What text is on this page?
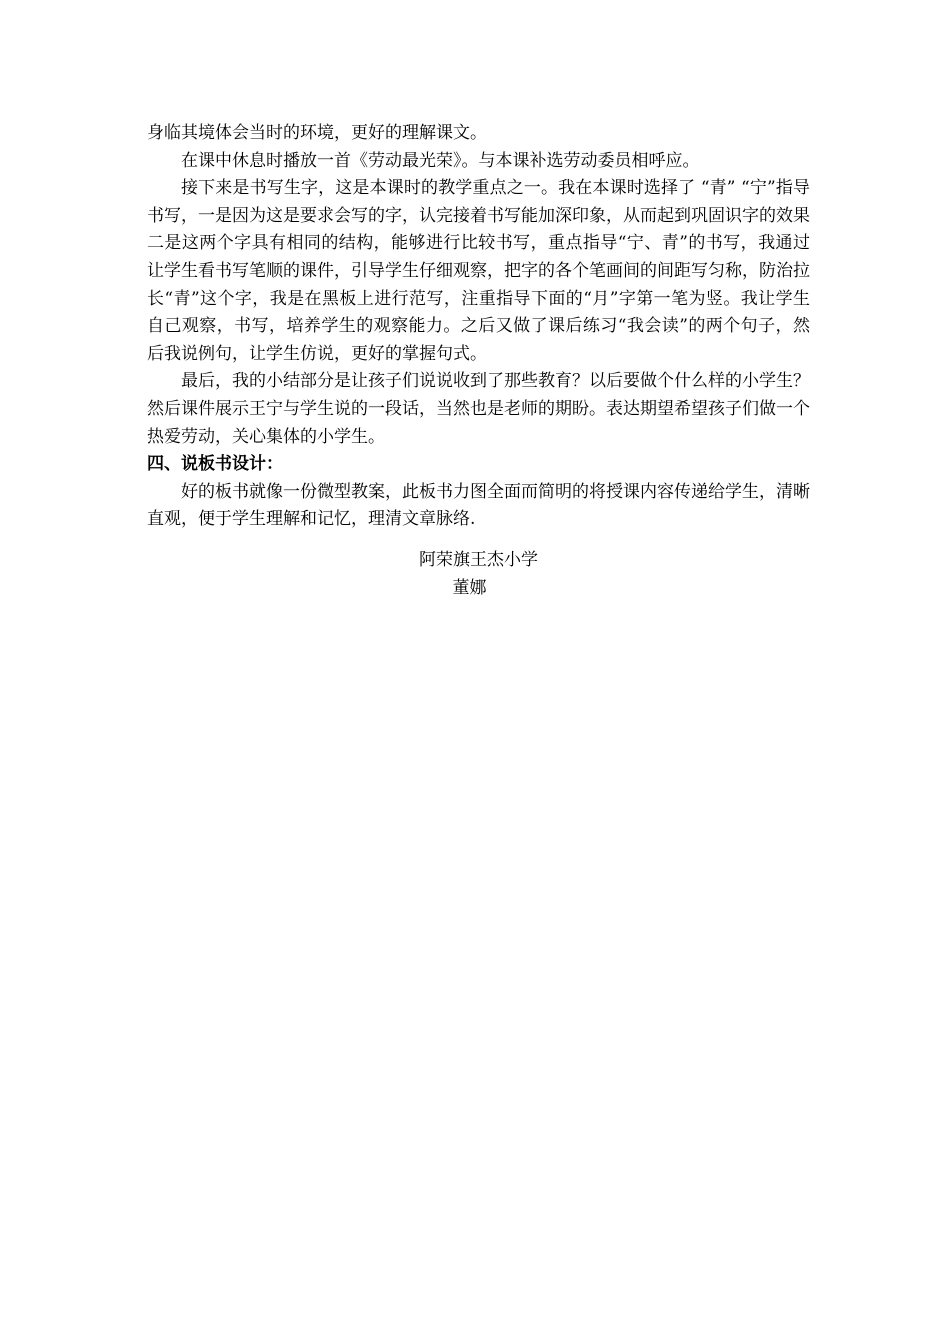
身临其境体会当时的环境，更好的理解课文。

在课中休息时播放一首《劳动最光荣》。与本课补选劳动委员相呼应。

接下来是书写生字，这是本课时的教学重点之一。我在本课时选择了 “青” “宁”指导书写，一是因为这是要求会写的字，认完接着书写能加深印象，从而起到巩固识字的效果二是这两个字具有相同的结构，能够进行比较书写，重点指导“宁、青”的书写，我通过让学生看书写笔顺的课件，引导学生仔细观察，把字的各个笔画间的间距写匀称，防治拉长“青”这个字，我是在黑板上进行范写，注重指导下面的“月”字第一笔为竖。我让学生自己观察，书写，培养学生的观察能力。之后又做了课后练习“我会读”的两个句子，然后我说例句，让学生仿说，更好的掌握句式。

最后，我的小结部分是让孩子们说说收到了那些教育？以后要做个什么样的小学生？然后课件展示王宁与学生说的一段话，当然也是老师的期盼。表达期望希望孩子们做一个热爱劳动，关心集体的小学生。

四、说板书设计：

好的板书就像一份微型教案，此板书力图全面而简明的将授课内容传递给学生，清晰直观，便于学生理解和记忆，理清文章脉络.

阿荣旗王杰小学
董娜
